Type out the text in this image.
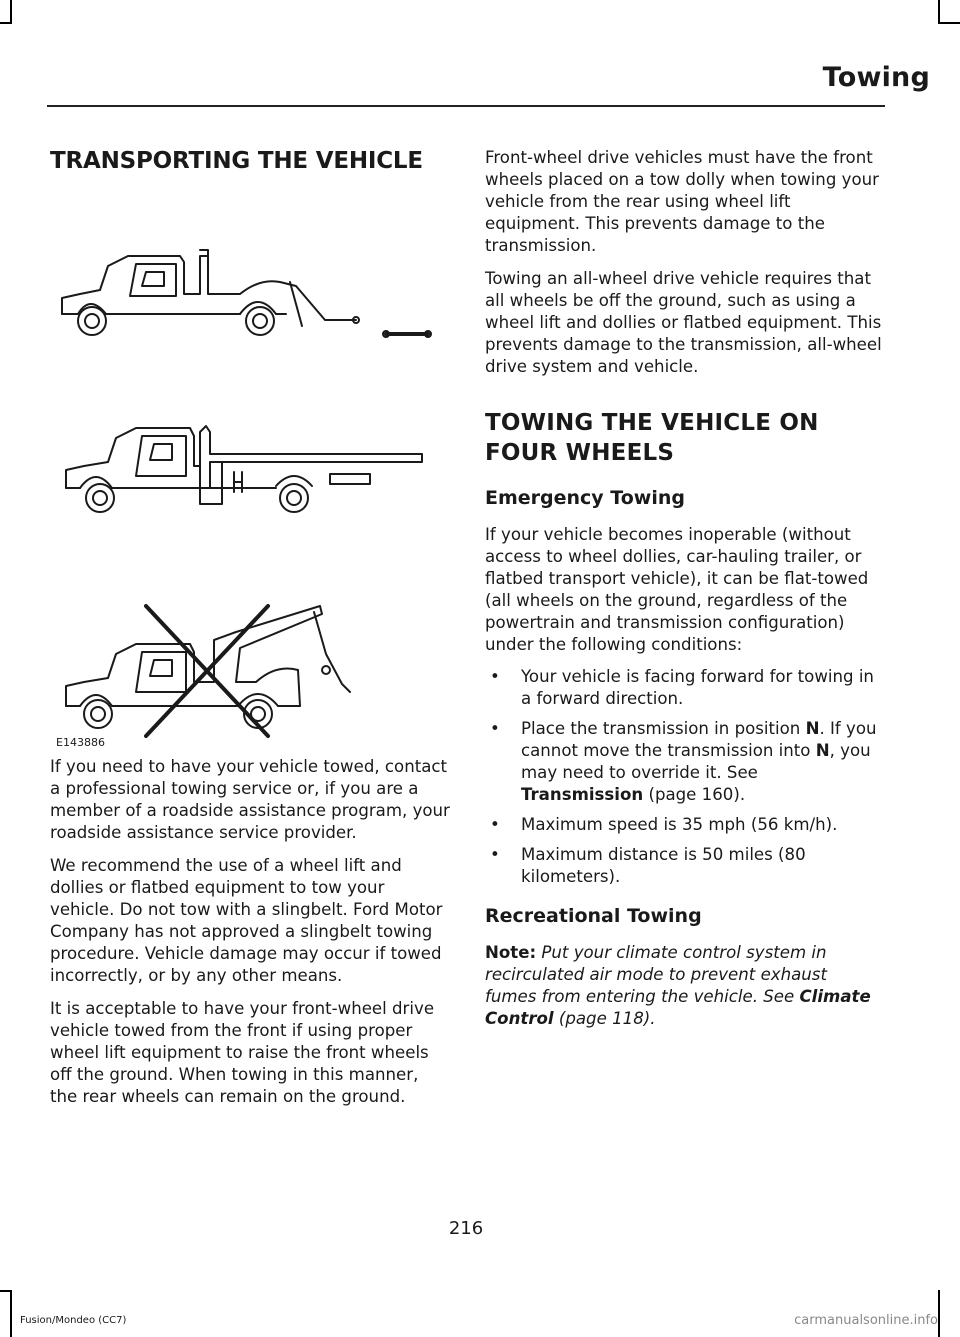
Towing
TRANSPORTING THE VEHICLE
E143886

If you need to have your vehicle towed, contact a professional towing service or, if you are a member of a roadside assistance program, your roadside assistance service provider.

We recommend the use of a wheel lift and dollies or flatbed equipment to tow your vehicle. Do not tow with a slingbelt. Ford Motor Company has not approved a slingbelt towing procedure. Vehicle damage may occur if towed incorrectly, or by any other means.

It is acceptable to have your front-wheel drive vehicle towed from the front if using proper wheel lift equipment to raise the front wheels off the ground. When towing in this manner, the rear wheels can remain on the ground.

Front-wheel drive vehicles must have the front wheels placed on a tow dolly when towing your vehicle from the rear using wheel lift equipment. This prevents damage to the transmission.

Towing an all-wheel drive vehicle requires that all wheels be off the ground, such as using a wheel lift and dollies or flatbed equipment. This prevents damage to the transmission, all-wheel drive system and vehicle.

TOWING THE VEHICLE ON
FOUR WHEELS
Emergency Towing

If your vehicle becomes inoperable (without access to wheel dollies, car-hauling trailer, or flatbed transport vehicle), it can be flat-towed (all wheels on the ground, regardless of the powertrain and transmission configuration) under the following conditions:

• Your vehicle is facing forward for towing in a forward direction.
• Place the transmission in position N. If you cannot move the transmission into N, you may need to override it. See Transmission (page 160).
• Maximum speed is 35 mph (56 km/h).
• Maximum distance is 50 miles (80 kilometers).
Recreational Towing

Note: Put your climate control system in recirculated air mode to prevent exhaust fumes from entering the vehicle. See Climate Control (page 118).

216
Fusion/Mondeo (CC7)	carmanualsonline.info
